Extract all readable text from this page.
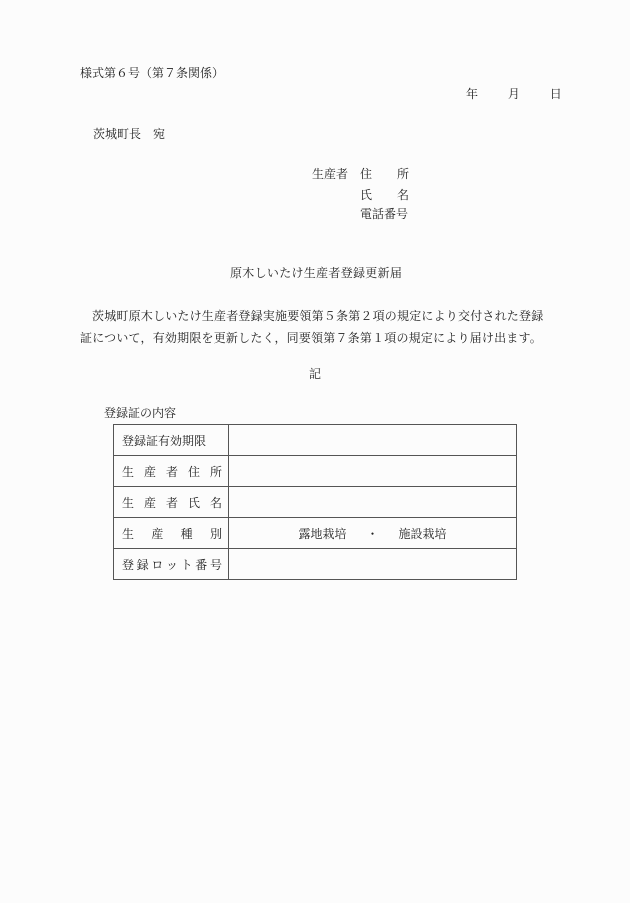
様式第６号（第７条関係）
年 月 日
茨城町長 宛
生産者 住 所
氏 名
電話番号
原木しいたけ生産者登録更新届
茨城町原木しいたけ生産者登録実施要領第５条第２項の規定により交付された登録証について，有効期限を更新したく，同要領第７条第１項の規定により届け出ます。
記
登録証の内容
登録証有効期限	

生 産 者 住 所	

生 産 者 氏 名	

生 産 種 別	露地栽培 ・ 施設栽培

登 録 ロ ッ ト 番 号
